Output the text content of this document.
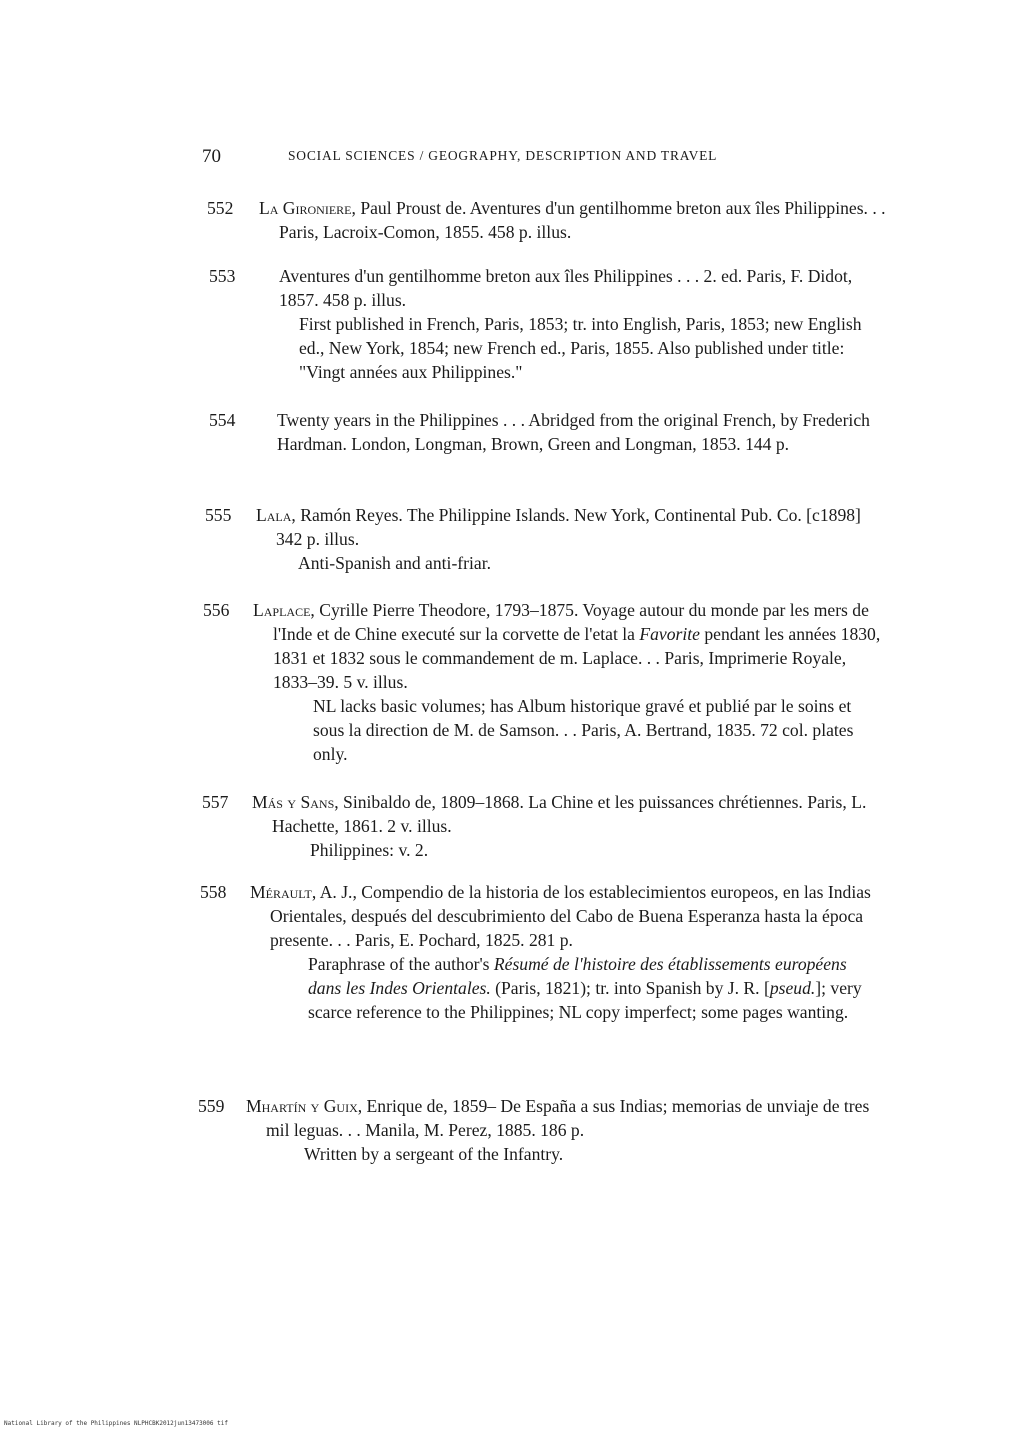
70	SOCIAL SCIENCES / GEOGRAPHY, DESCRIPTION AND TRAVEL
552	La Gironiere, Paul Proust de. Aventures d'un gentilhomme breton aux îles Philippines. . . Paris, Lacroix-Comon, 1855. 458 p. illus.
553	Aventures d'un gentilhomme breton aux îles Philippines . . . 2. ed. Paris, F. Didot, 1857. 458 p. illus.
First published in French, Paris, 1853; tr. into English, Paris, 1853; new English ed., New York, 1854; new French ed., Paris, 1855. Also published under title: "Vingt années aux Philippines."
554	Twenty years in the Philippines . . . Abridged from the original French, by Frederich Hardman. London, Longman, Brown, Green and Longman, 1853. 144 p.
555	Lala, Ramón Reyes. The Philippine Islands. New York, Continental Pub. Co. [c1898] 342 p. illus.
Anti-Spanish and anti-friar.
556	Laplace, Cyrille Pierre Theodore, 1793–1875. Voyage autour du monde par les mers de l'Inde et de Chine executé sur la corvette de l'etat la Favorite pendant les années 1830, 1831 et 1832 sous le commandement de m. Laplace. . . Paris, Imprimerie Royale, 1833–39. 5 v. illus.
NL lacks basic volumes; has Album historique gravé et publié par le soins et sous la direction de M. de Samson. . . Paris, A. Bertrand, 1835. 72 col. plates only.
557	Más y Sans, Sinibaldo de, 1809–1868. La Chine et les puissances chrétiennes. Paris, L. Hachette, 1861. 2 v. illus.
Philippines: v. 2.
558	Mérault, A. J., Compendio de la historia de los establecimientos europeos, en las Indias Orientales, después del descubrimiento del Cabo de Buena Esperanza hasta la época presente. . . Paris, E. Pochard, 1825. 281 p.
Paraphrase of the author's Résumé de l'histoire des établissements européens dans les Indes Orientales. (Paris, 1821); tr. into Spanish by J. R. [pseud.]; very scarce reference to the Philippines; NL copy imperfect; some pages wanting.
559	Mhartín y Guix, Enrique de, 1859– De España a sus Indias; memorias de unviaje de tres mil leguas. . . Manila, M. Perez, 1885. 186 p.
Written by a sergeant of the Infantry.
National Library of the Philippines NLPHCBK2012jun13473006 tif
